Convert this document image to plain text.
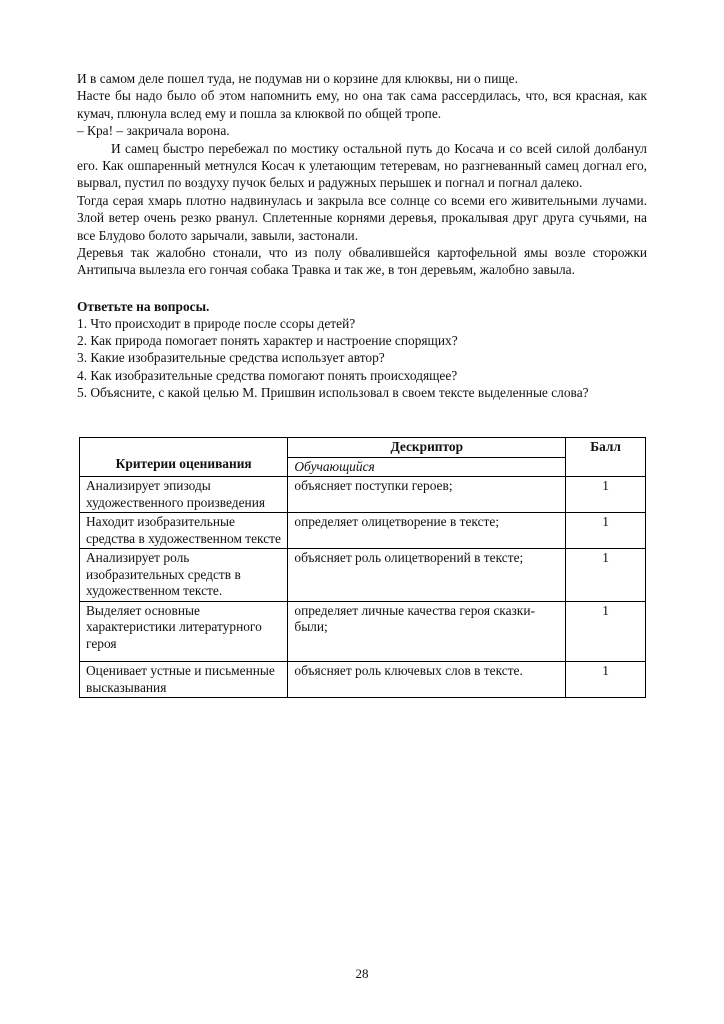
И в самом деле пошел туда, не подумав ни о корзине для клюквы, ни о пище.

Насте бы надо было об этом напомнить ему, но она так сама рассердилась, что, вся красная, как кумач, плюнула вслед ему и пошла за клюквой по общей тропе.

– Кра! – закричала ворона.

И самец быстро перебежал по мостику остальной путь до Косача и со всей силой долбанул его. Как ошпаренный метнулся Косач к улетающим тетеревам, но разгневанный самец догнал его, вырвал, пустил по воздуху пучок белых и радужных перышек и погнал и погнал далеко.

Тогда серая хмарь плотно надвинулась и закрыла все солнце со всеми его живительными лучами. Злой ветер очень резко рванул. Сплетенные корнями деревья, прокалывая друг друга сучьями, на все Блудово болото зарычали, завыли, застонали.

Деревья так жалобно стонали, что из полу обвалившейся картофельной ямы возле сторожки Антипыча вылезла его гончая собака Травка и так же, в тон деревьям, жалобно завыла.

Ответьте на вопросы.

1. Что происходит в природе после ссоры детей?

2. Как природа помогает понять характер и настроение спорящих?

3. Какие изобразительные средства использует автор?

4. Как изобразительные средства помогают понять происходящее?

5. Объясните, с какой целью М. Пришвин использовал в своем тексте выделенные слова?

Критерии оценивания	Дескриптор	Балл
	Обучающийся	
Анализирует эпизоды художественного произведения	объясняет поступки героев;	1
Находит изобразительные средства в художественном тексте	определяет олицетворение в тексте;	1
Анализирует роль изобразительных средств в художественном тексте.	объясняет роль олицетворений в тексте;	1
Выделяет основные характеристики литературного героя	определяет личные качества героя сказки-были;	1
Оценивает устные и письменные высказывания	объясняет роль ключевых слов в тексте.	1
28
